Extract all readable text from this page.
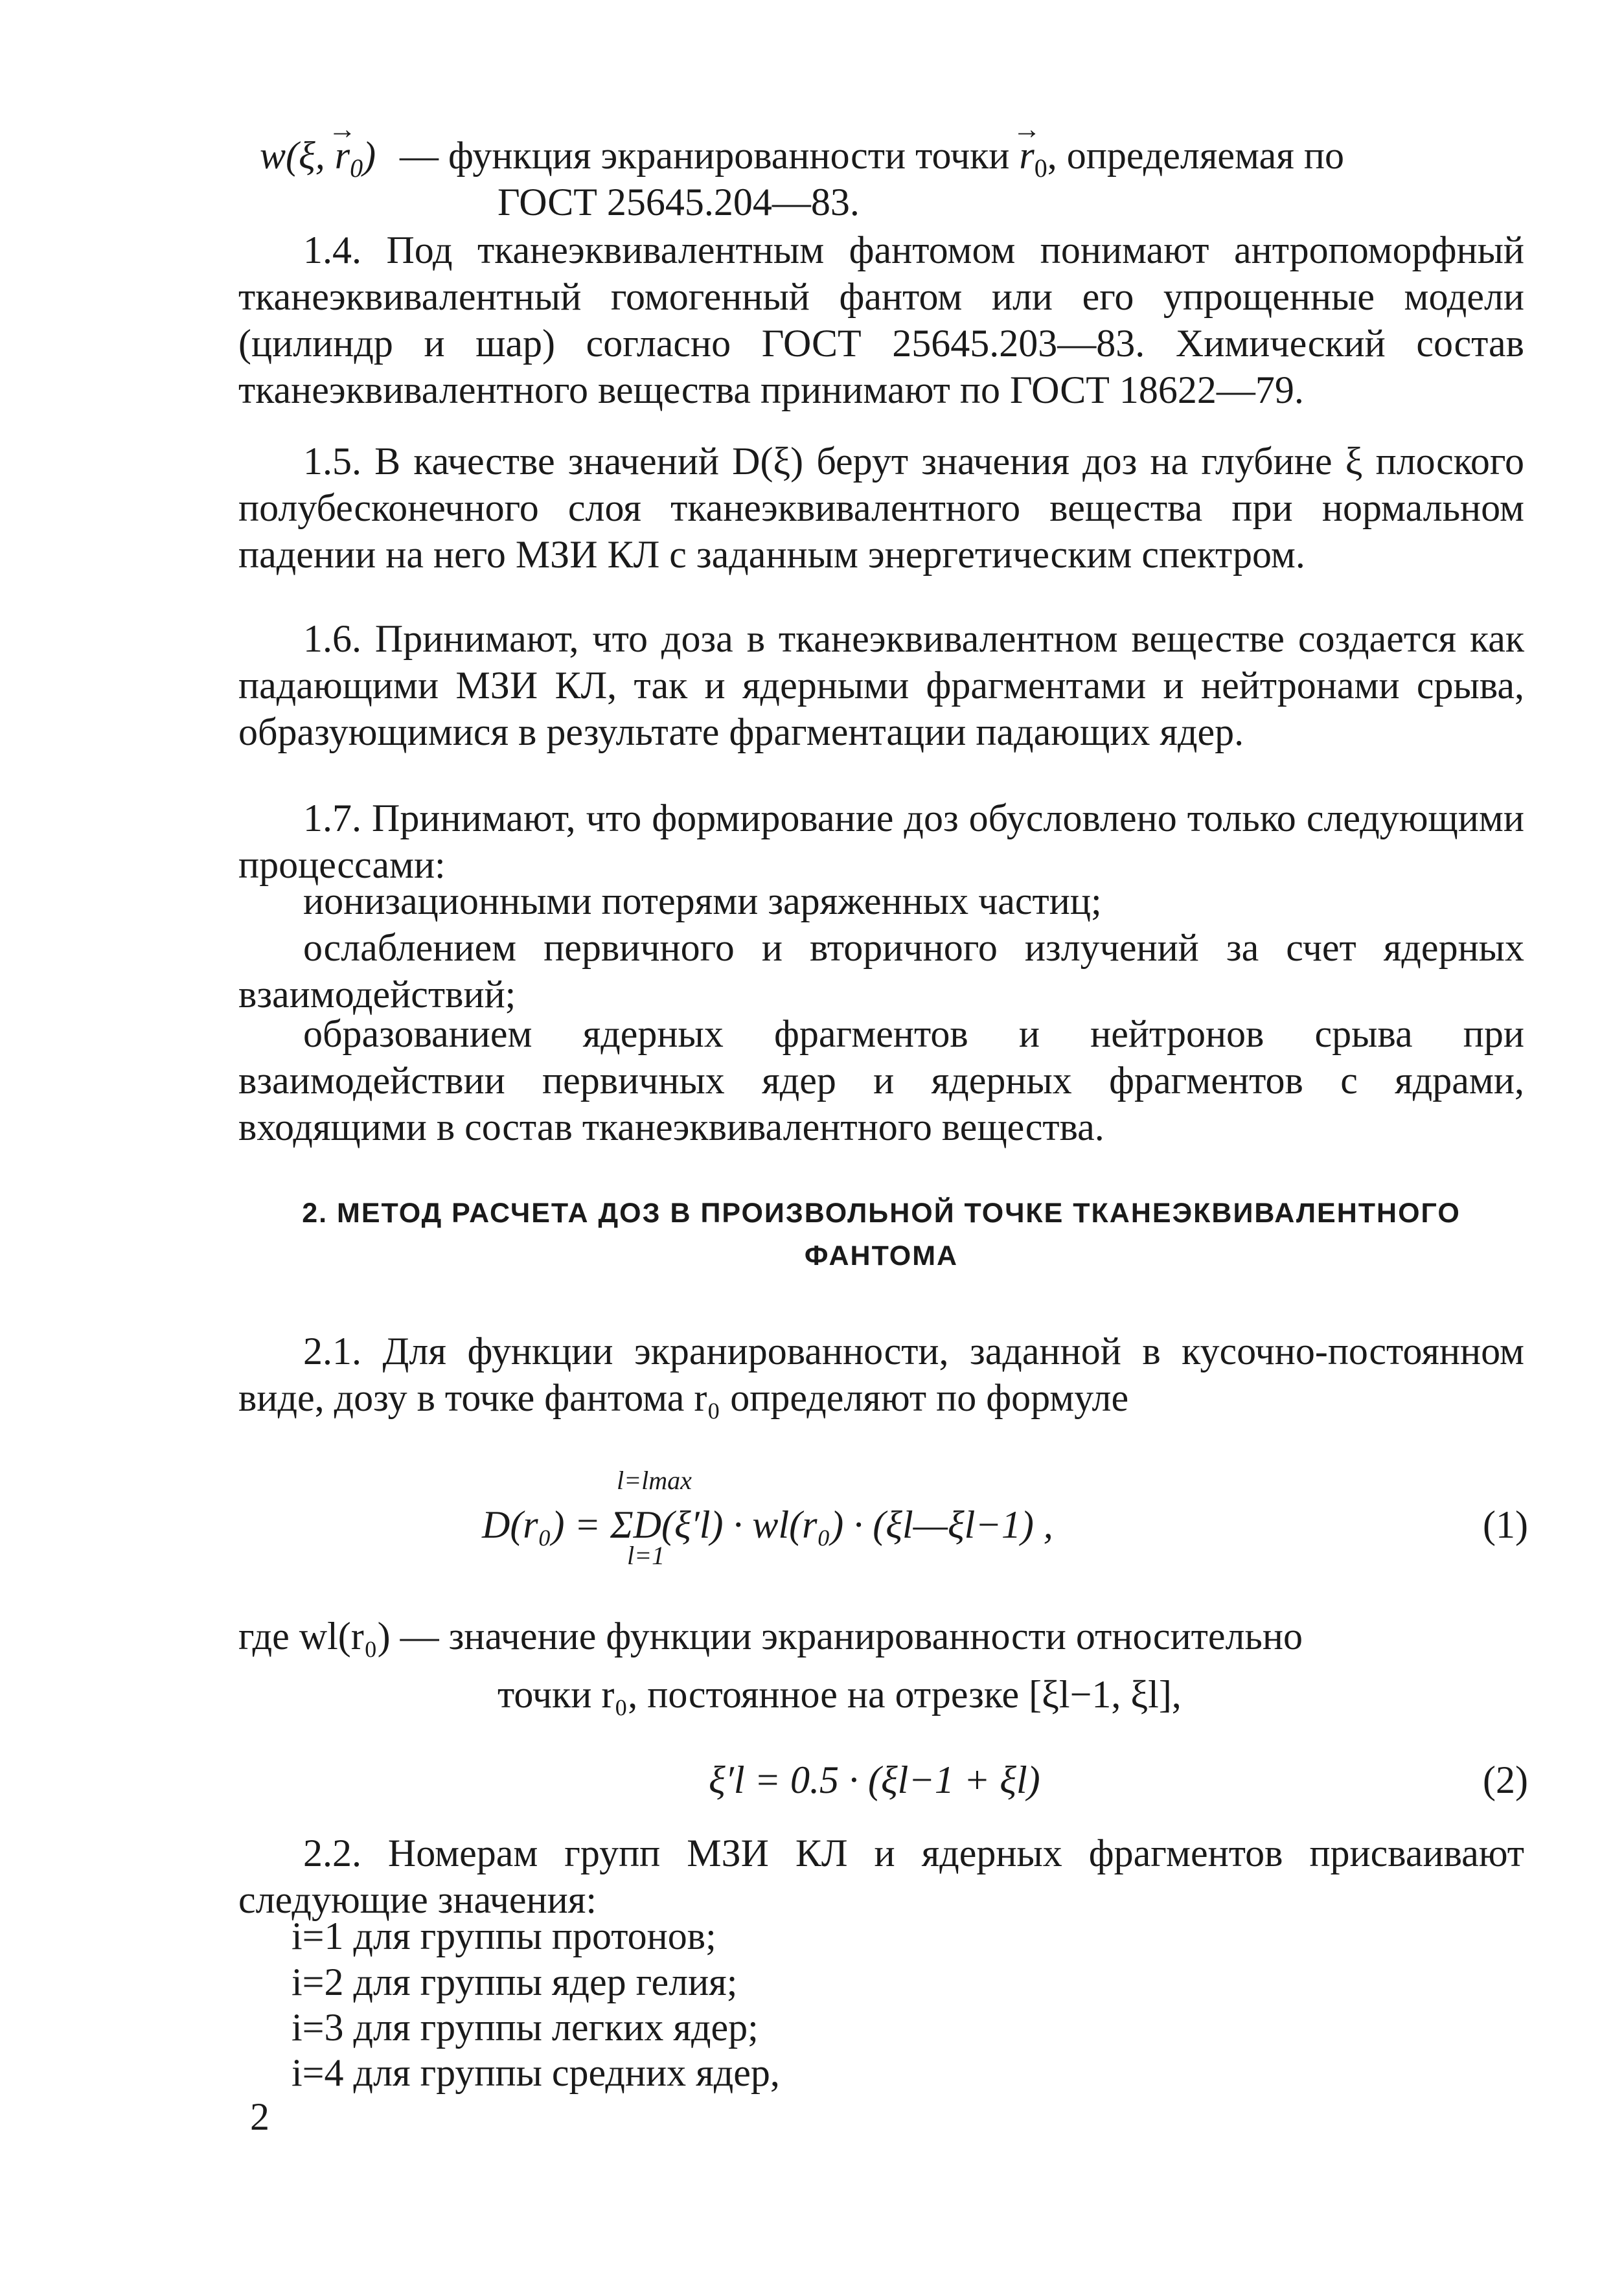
w(ξ, → $r_0$) — функция экранированности точки → $r_0$, определяемая по
ГОСТ 25645.204—83.

1.4. Под тканеэквивалентным фантомом понимают антропоморфный тканеэквивалентный гомогенный фантом или его упрощенные модели (цилиндр и шар) согласно ГОСТ 25645.203—83. Химический состав тканеэквивалентного вещества принимают по ГОСТ 18622—79.

1.5. В качестве значений D(ξ) берут значения доз на глубине ξ плоского полубесконечного слоя тканеэквивалентного вещества при нормальном падении на него МЗИ КЛ с заданным энергетическим спектром.

1.6. Принимают, что доза в тканеэквивалентном веществе создается как падающими МЗИ КЛ, так и ядерными фрагментами и нейтронами срыва, образующимися в результате фрагментации падающих ядер.

1.7. Принимают, что формирование доз обусловлено только следующими процессами:

ионизационными потерями заряженных частиц;

ослаблением первичного и вторичного излучений за счет ядерных взаимодействий;

образованием ядерных фрагментов и нейтронов срыва при взаимодействии первичных ядер и ядерных фрагментов с ядрами, входящими в состав тканеэквивалентного вещества.

2. МЕТОД РАСЧЕТА ДОЗ В ПРОИЗВОЛЬНОЙ ТОЧКЕ ТКАНЕЭКВИВАЛЕНТНОГО ФАНТОМА

2.1. Для функции экранированности, заданной в кусочно-постоянном виде, дозу в точке фантома r₀ определяют по формуле

l=lmax
l=1
D(r₀) = ΣD(ξ′l) · wl(r₀) · (ξl—ξl−1) ,	(1)
где wl(r₀) — значение функции экранированности относительно
точки r₀, постоянное на отрезке [ξl−1, ξl],
ξ′l = 0.5 · (ξl−1 + ξl)	(2)

2.2. Номерам групп МЗИ КЛ и ядерных фрагментов присваивают следующие значения:

i=1 для группы протонов;
i=2 для группы ядер гелия;
i=3 для группы легких ядер;
i=4 для группы средних ядер,
2
